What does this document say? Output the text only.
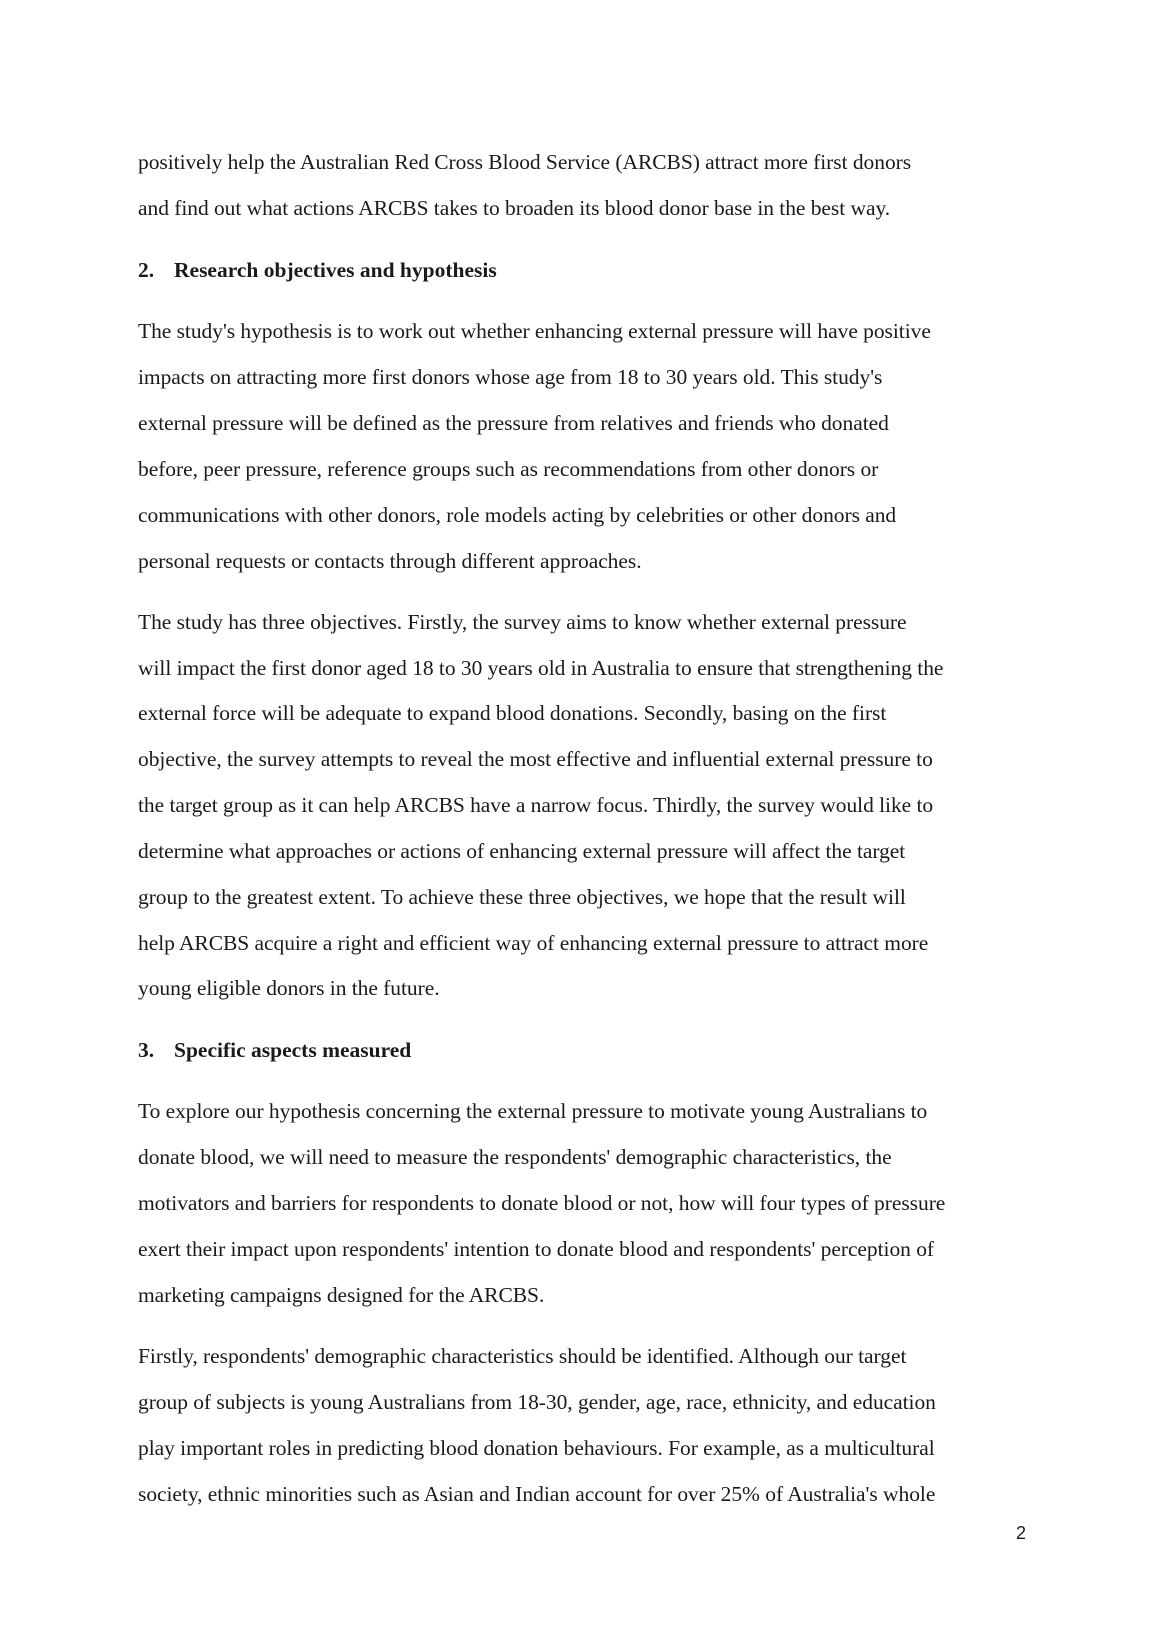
positively help the Australian Red Cross Blood Service (ARCBS) attract more first donors
and find out what actions ARCBS takes to broaden its blood donor base in the best way.
2. Research objectives and hypothesis
The study's hypothesis is to work out whether enhancing external pressure will have positive
impacts on attracting more first donors whose age from 18 to 30 years old. This study's
external pressure will be defined as the pressure from relatives and friends who donated
before, peer pressure, reference groups such as recommendations from other donors or
communications with other donors, role models acting by celebrities or other donors and
personal requests or contacts through different approaches.
The study has three objectives. Firstly, the survey aims to know whether external pressure
will impact the first donor aged 18 to 30 years old in Australia to ensure that strengthening the
external force will be adequate to expand blood donations. Secondly, basing on the first
objective, the survey attempts to reveal the most effective and influential external pressure to
the target group as it can help ARCBS have a narrow focus. Thirdly, the survey would like to
determine what approaches or actions of enhancing external pressure will affect the target
group to the greatest extent. To achieve these three objectives, we hope that the result will
help ARCBS acquire a right and efficient way of enhancing external pressure to attract more
young eligible donors in the future.
3. Specific aspects measured
To explore our hypothesis concerning the external pressure to motivate young Australians to
donate blood, we will need to measure the respondents' demographic characteristics, the
motivators and barriers for respondents to donate blood or not, how will four types of pressure
exert their impact upon respondents' intention to donate blood and respondents' perception of
marketing campaigns designed for the ARCBS.
Firstly, respondents' demographic characteristics should be identified. Although our target
group of subjects is young Australians from 18-30, gender, age, race, ethnicity, and education
play important roles in predicting blood donation behaviours. For example, as a multicultural
society, ethnic minorities such as Asian and Indian account for over 25% of Australia's whole
2
